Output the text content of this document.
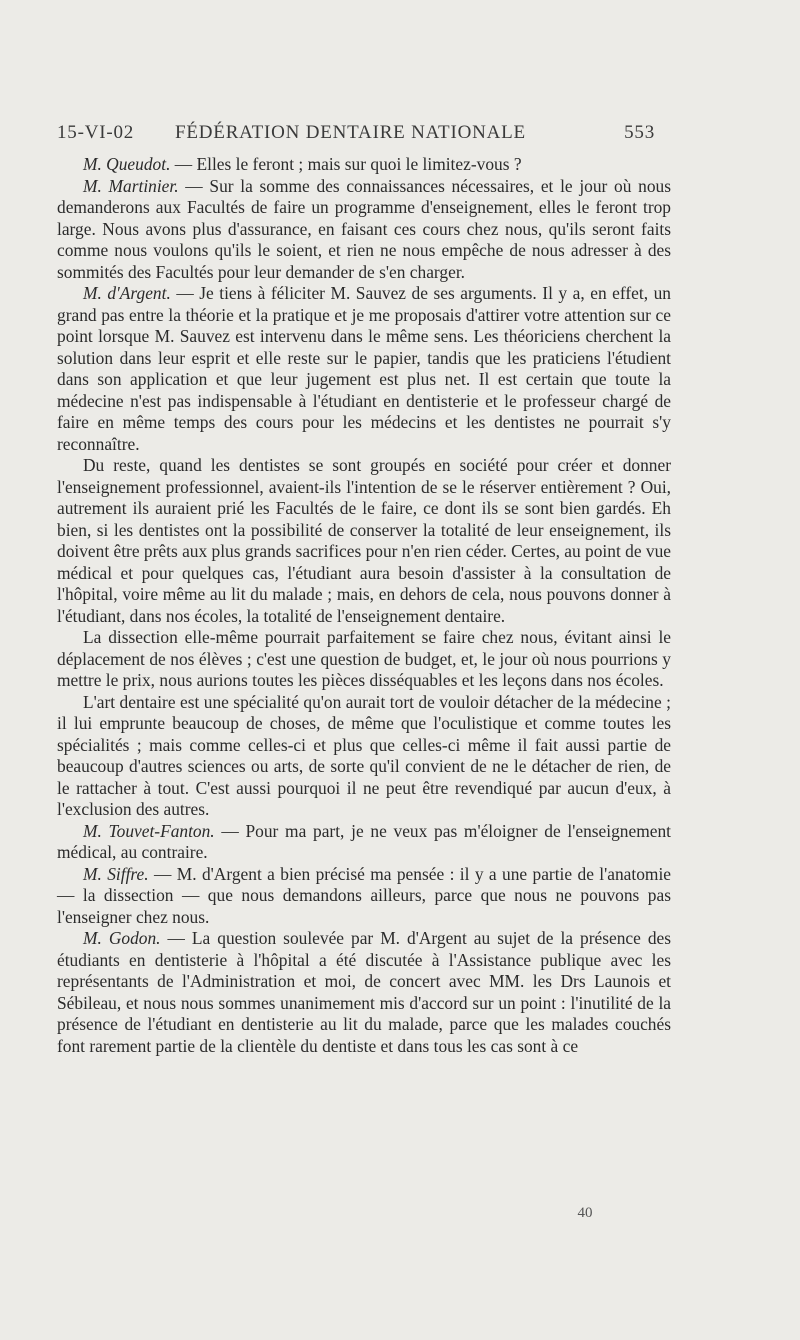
15-VI-02 FÉDÉRATION DENTAIRE NATIONALE	553

M. Queudot. — Elles le feront ; mais sur quoi le limitez-vous ?

M. Martinier. — Sur la somme des connaissances nécessaires, et le jour où nous demanderons aux Facultés de faire un programme d'enseignement, elles le feront trop large. Nous avons plus d'assurance, en faisant ces cours chez nous, qu'ils seront faits comme nous voulons qu'ils le soient, et rien ne nous empêche de nous adresser à des sommités des Facultés pour leur demander de s'en charger.

M. d'Argent. — Je tiens à féliciter M. Sauvez de ses arguments. Il y a, en effet, un grand pas entre la théorie et la pratique et je me proposais d'attirer votre attention sur ce point lorsque M. Sauvez est intervenu dans le même sens. Les théoriciens cherchent la solution dans leur esprit et elle reste sur le papier, tandis que les praticiens l'étudient dans son application et que leur jugement est plus net. Il est certain que toute la médecine n'est pas indispensable à l'étudiant en dentisterie et le professeur chargé de faire en même temps des cours pour les médecins et les dentistes ne pourrait s'y reconnaître.

Du reste, quand les dentistes se sont groupés en société pour créer et donner l'enseignement professionnel, avaient-ils l'intention de se le réserver entièrement ? Oui, autrement ils auraient prié les Facultés de le faire, ce dont ils se sont bien gardés. Eh bien, si les dentistes ont la possibilité de conserver la totalité de leur enseignement, ils doivent être prêts aux plus grands sacrifices pour n'en rien céder. Certes, au point de vue médical et pour quelques cas, l'étudiant aura besoin d'assister à la consultation de l'hôpital, voire même au lit du malade ; mais, en dehors de cela, nous pouvons donner à l'étudiant, dans nos écoles, la totalité de l'enseignement dentaire.

La dissection elle-même pourrait parfaitement se faire chez nous, évitant ainsi le déplacement de nos élèves ; c'est une question de budget, et, le jour où nous pourrions y mettre le prix, nous aurions toutes les pièces disséquables et les leçons dans nos écoles.

L'art dentaire est une spécialité qu'on aurait tort de vouloir détacher de la médecine ; il lui emprunte beaucoup de choses, de même que l'oculistique et comme toutes les spécialités ; mais comme celles-ci et plus que celles-ci même il fait aussi partie de beaucoup d'autres sciences ou arts, de sorte qu'il convient de ne le détacher de rien, de le rattacher à tout. C'est aussi pourquoi il ne peut être revendiqué par aucun d'eux, à l'exclusion des autres.

M. Touvet-Fanton. — Pour ma part, je ne veux pas m'éloigner de l'enseignement médical, au contraire.

M. Siffre. — M. d'Argent a bien précisé ma pensée : il y a une partie de l'anatomie — la dissection — que nous demandons ailleurs, parce que nous ne pouvons pas l'enseigner chez nous.

M. Godon. — La question soulevée par M. d'Argent au sujet de la présence des étudiants en dentisterie à l'hôpital a été discutée à l'Assistance publique avec les représentants de l'Administration et moi, de concert avec MM. les Drs Launois et Sébileau, et nous nous sommes unanimement mis d'accord sur un point : l'inutilité de la présence de l'étudiant en dentisterie au lit du malade, parce que les malades couchés font rarement partie de la clientèle du dentiste et dans tous les cas sont à ce

40
